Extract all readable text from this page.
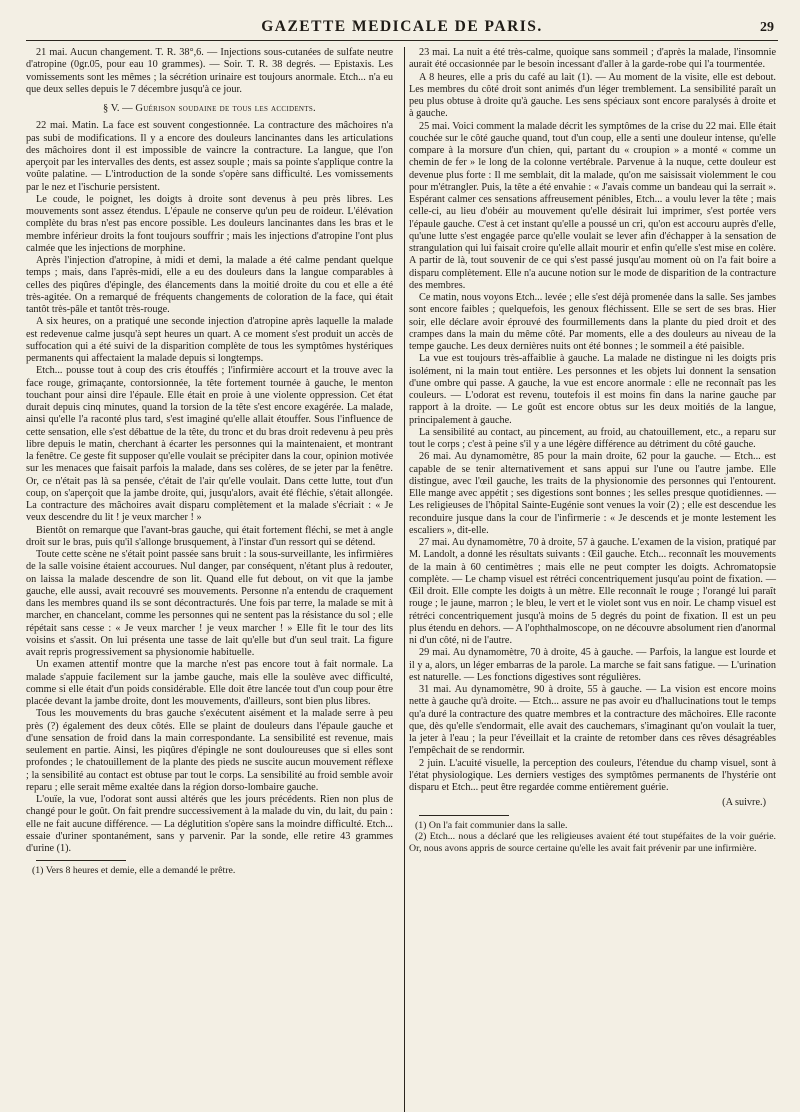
GAZETTE MEDICALE DE PARIS.	29

21 mai. Aucun changement. T. R. 38°,6. — Injections sous-cutanées de sulfate neutre d'atropine (0gr.05, pour eau 10 grammes). — Soir. T. R. 38 degrés. — Epistaxis. Les vomissements sont les mêmes ; la sécrétion urinaire est toujours anormale. Etch... n'a eu que deux selles depuis le 7 décembre jusqu'à ce jour.

§ V. — Guérison soudaine de tous les accidents.

22 mai. Matin. La face est souvent congestionnée. La contracture des mâchoires n'a pas subi de modifications. Il y a encore des douleurs lancinantes dans les articulations des mâchoires dont il est impossible de vaincre la contracture. La langue, que l'on aperçoit par les intervalles des dents, est assez souple ; mais sa pointe s'applique contre la voûte palatine. — L'introduction de la sonde s'opère sans difficulté. Les vomissements par le nez et l'ischurie persistent.

Le coude, le poignet, les doigts à droite sont devenus à peu près libres. Les mouvements sont assez étendus. L'épaule ne conserve qu'un peu de roideur. L'élévation complète du bras n'est pas encore possible. Les douleurs lancinantes dans les bras et le membre inférieur droits la font toujours souffrir ; mais les injections d'atropine l'ont plus calmée que les injections de morphine.

Après l'injection d'atropine, à midi et demi, la malade a été calme pendant quelque temps ; mais, dans l'après-midi, elle a eu des douleurs dans la langue comparables à celles des piqûres d'épingle, des élancements dans la moitié droite du cou et elle a été très-agitée. On a remarqué de fréquents changements de coloration de la face, qui était tantôt très-pâle et tantôt très-rouge.

A six heures, on a pratiqué une seconde injection d'atropine après laquelle la malade est redevenue calme jusqu'à sept heures un quart. A ce moment s'est produit un accès de suffocation qui a été suivi de la disparition complète de tous les symptômes hystériques permanents qui affectaient la malade depuis si longtemps.

Etch... pousse tout à coup des cris étouffés ; l'infirmière accourt et la trouve avec la face rouge, grimaçante, contorsionnée, la tête fortement tournée à gauche, le menton touchant pour ainsi dire l'épaule. Elle était en proie à une violente oppression. Cet état durait depuis cinq minutes, quand la torsion de la tête s'est encore exagérée. La malade, ainsi qu'elle l'a raconté plus tard, s'est imaginé qu'elle allait étouffer. Sous l'influence de cette sensation, elle s'est débattue de la tête, du tronc et du bras droit redevenu à peu près libre depuis le matin, cherchant à écarter les personnes qui la maintenaient, et montrant la fenêtre. Ce geste fit supposer qu'elle voulait se précipiter dans la cour, opinion motivée sur les menaces que faisait parfois la malade, dans ses colères, de se jeter par la fenêtre. Or, ce n'était pas là sa pensée, c'était de l'air qu'elle voulait. Dans cette lutte, tout d'un coup, on s'aperçoit que la jambe droite, qui, jusqu'alors, avait été fléchie, s'était allongée. La contracture des mâchoires avait disparu complètement et la malade s'écriait : « Je veux descendre du lit ! je veux marcher ! »

Bientôt on remarque que l'avant-bras gauche, qui était fortement fléchi, se met à angle droit sur le bras, puis qu'il s'allonge brusquement, à l'instar d'un ressort qui se détend.

Toute cette scène ne s'était point passée sans bruit : la sous-surveillante, les infirmières de la salle voisine étaient accourues. Nul danger, par conséquent, n'étant plus à redouter, on laissa la malade descendre de son lit. Quand elle fut debout, on vit que la jambe gauche, elle aussi, avait recouvré ses mouvements. Personne n'a entendu de craquement dans les membres quand ils se sont décontracturés. Une fois par terre, la malade se mit à marcher, en chancelant, comme les personnes qui ne sentent pas la résistance du sol ; elle répétait sans cesse : « Je veux marcher ! je veux marcher ! » Elle fit le tour des lits voisins et s'assit. On lui présenta une tasse de lait qu'elle but d'un seul trait. La figure avait repris progressivement sa physionomie habituelle.

Un examen attentif montre que la marche n'est pas encore tout à fait normale. La malade s'appuie facilement sur la jambe gauche, mais elle la soulève avec difficulté, comme si elle était d'un poids considérable. Elle doit être lancée tout d'un coup pour être placée devant la jambe droite, dont les mouvements, d'ailleurs, sont bien plus libres.

Tous les mouvements du bras gauche s'exécutent aisément et la malade serre à peu près (?) également des deux côtés. Elle se plaint de douleurs dans l'épaule gauche et d'une sensation de froid dans la main correspondante. La sensibilité est revenue, mais seulement en partie. Ainsi, les piqûres d'épingle ne sont douloureuses que si elles sont profondes ; le chatouillement de la plante des pieds ne suscite aucun mouvement réflexe ; la sensibilité au contact est obtuse par tout le corps. La sensibilité au froid semble avoir reparu ; elle serait même exaltée dans la région dorso-lombaire gauche.

L'ouïe, la vue, l'odorat sont aussi altérés que les jours précédents. Rien non plus de changé pour le goût. On fait prendre successivement à la malade du vin, du lait, du pain : elle ne fait aucune différence. — La déglutition s'opère sans la moindre difficulté. Etch... essaie d'uriner spontanément, sans y parvenir. Par la sonde, elle retire 43 grammes d'urine (1).

(1) Vers 8 heures et demie, elle a demandé le prêtre.

23 mai. La nuit a été très-calme, quoique sans sommeil ; d'après la malade, l'insomnie aurait été occasionnée par le besoin incessant d'aller à la garde-robe qui l'a tourmentée.

A 8 heures, elle a pris du café au lait (1). — Au moment de la visite, elle est debout. Les membres du côté droit sont animés d'un léger tremblement. La sensibilité paraît un peu plus obtuse à droite qu'à gauche. Les sens spéciaux sont encore paralysés à droite et à gauche.

25 mai. Voici comment la malade décrit les symptômes de la crise du 22 mai. Elle était couchée sur le côté gauche quand, tout d'un coup, elle a senti une douleur intense, qu'elle compare à la morsure d'un chien, qui, partant du « croupion » a monté « comme un chemin de fer » le long de la colonne vertébrale. Parvenue à la nuque, cette douleur est devenue plus forte : Il me semblait, dit la malade, qu'on me saisissait violemment le cou pour m'étrangler. Puis, la tête a été envahie : « J'avais comme un bandeau qui la serrait ». Espérant calmer ces sensations affreusement pénibles, Etch... a voulu lever la tête ; mais celle-ci, au lieu d'obéir au mouvement qu'elle désirait lui imprimer, s'est portée vers l'épaule gauche. C'est à cet instant qu'elle a poussé un cri, qu'on est accouru auprès d'elle, qu'une lutte s'est engagée parce qu'elle voulait se lever afin d'échapper à la sensation de strangulation qui lui faisait croire qu'elle allait mourir et enfin qu'elle s'est mise en colère. A partir de là, tout souvenir de ce qui s'est passé jusqu'au moment où on l'a fait boire a disparu complètement. Elle n'a aucune notion sur le mode de disparition de la contracture des membres.

Ce matin, nous voyons Etch... levée ; elle s'est déjà promenée dans la salle. Ses jambes sont encore faibles ; quelquefois, les genoux fléchissent. Elle se sert de ses bras. Hier soir, elle déclare avoir éprouvé des fourmillements dans la plante du pied droit et des crampes dans la main du même côté. Par moments, elle a des douleurs au niveau de la tempe gauche. Les deux dernières nuits ont été bonnes ; le sommeil a été paisible.

La vue est toujours très-affaiblie à gauche. La malade ne distingue ni les doigts pris isolément, ni la main tout entière. Les personnes et les objets lui donnent la sensation d'une ombre qui passe. A gauche, la vue est encore anormale : elle ne reconnaît pas les couleurs. — L'odorat est revenu, toutefois il est moins fin dans la narine gauche par rapport à la droite. — Le goût est encore obtus sur les deux moitiés de la langue, principalement à gauche.

La sensibilité au contact, au pincement, au froid, au chatouillement, etc., a reparu sur tout le corps ; c'est à peine s'il y a une légère différence au détriment du côté gauche.

26 mai. Au dynamomètre, 85 pour la main droite, 62 pour la gauche. — Etch... est capable de se tenir alternativement et sans appui sur l'une ou l'autre jambe. Elle distingue, avec l'œil gauche, les traits de la physionomie des personnes qui l'entourent. Elle mange avec appétit ; ses digestions sont bonnes ; les selles presque quotidiennes. — Les religieuses de l'hôpital Sainte-Eugénie sont venues la voir (2) ; elle est descendue les reconduire jusque dans la cour de l'infirmerie : « Je descends et je monte lestement les escaliers », dit-elle.

27 mai. Au dynamomètre, 70 à droite, 57 à gauche. L'examen de la vision, pratiqué par M. Landolt, a donné les résultats suivants : Œil gauche. Etch... reconnaît les mouvements de la main à 60 centimètres ; mais elle ne peut compter les doigts. Achromatopsie complète. — Le champ visuel est rétréci concentriquement jusqu'au point de fixation. — Œil droit. Elle compte les doigts à un mètre. Elle reconnaît le rouge ; l'orangé lui paraît rouge ; le jaune, marron ; le bleu, le vert et le violet sont vus en noir. Le champ visuel est rétréci concentriquement jusqu'à moins de 5 degrés du point de fixation. Il est un peu plus étendu en dehors. — A l'ophthalmoscope, on ne découvre absolument rien d'anormal ni d'un côté, ni de l'autre.

29 mai. Au dynamomètre, 70 à droite, 45 à gauche. — Parfois, la langue est lourde et il y a, alors, un léger embarras de la parole. La marche se fait sans fatigue. — L'urination est naturelle. — Les fonctions digestives sont régulières.

31 mai. Au dynamomètre, 90 à droite, 55 à gauche. — La vision est encore moins nette à gauche qu'à droite. — Etch... assure ne pas avoir eu d'hallucinations tout le temps qu'a duré la contracture des quatre membres et la contracture des mâchoires. Elle raconte que, dès qu'elle s'endormait, elle avait des cauchemars, s'imaginant qu'on voulait la tuer, la jeter à l'eau ; la peur l'éveillait et la crainte de retomber dans ces rêves désagréables l'empêchait de se rendormir.

2 juin. L'acuité visuelle, la perception des couleurs, l'étendue du champ visuel, sont à l'état physiologique. Les derniers vestiges des symptômes permanents de l'hystérie ont disparu et Etch... peut être regardée comme entièrement guérie.

(A suivre.)

(1) On l'a fait communier dans la salle.

(2) Etch... nous a déclaré que les religieuses avaient été tout stupéfaites de la voir guérie. Or, nous avons appris de source certaine qu'elle les avait fait prévenir par une infirmière.
